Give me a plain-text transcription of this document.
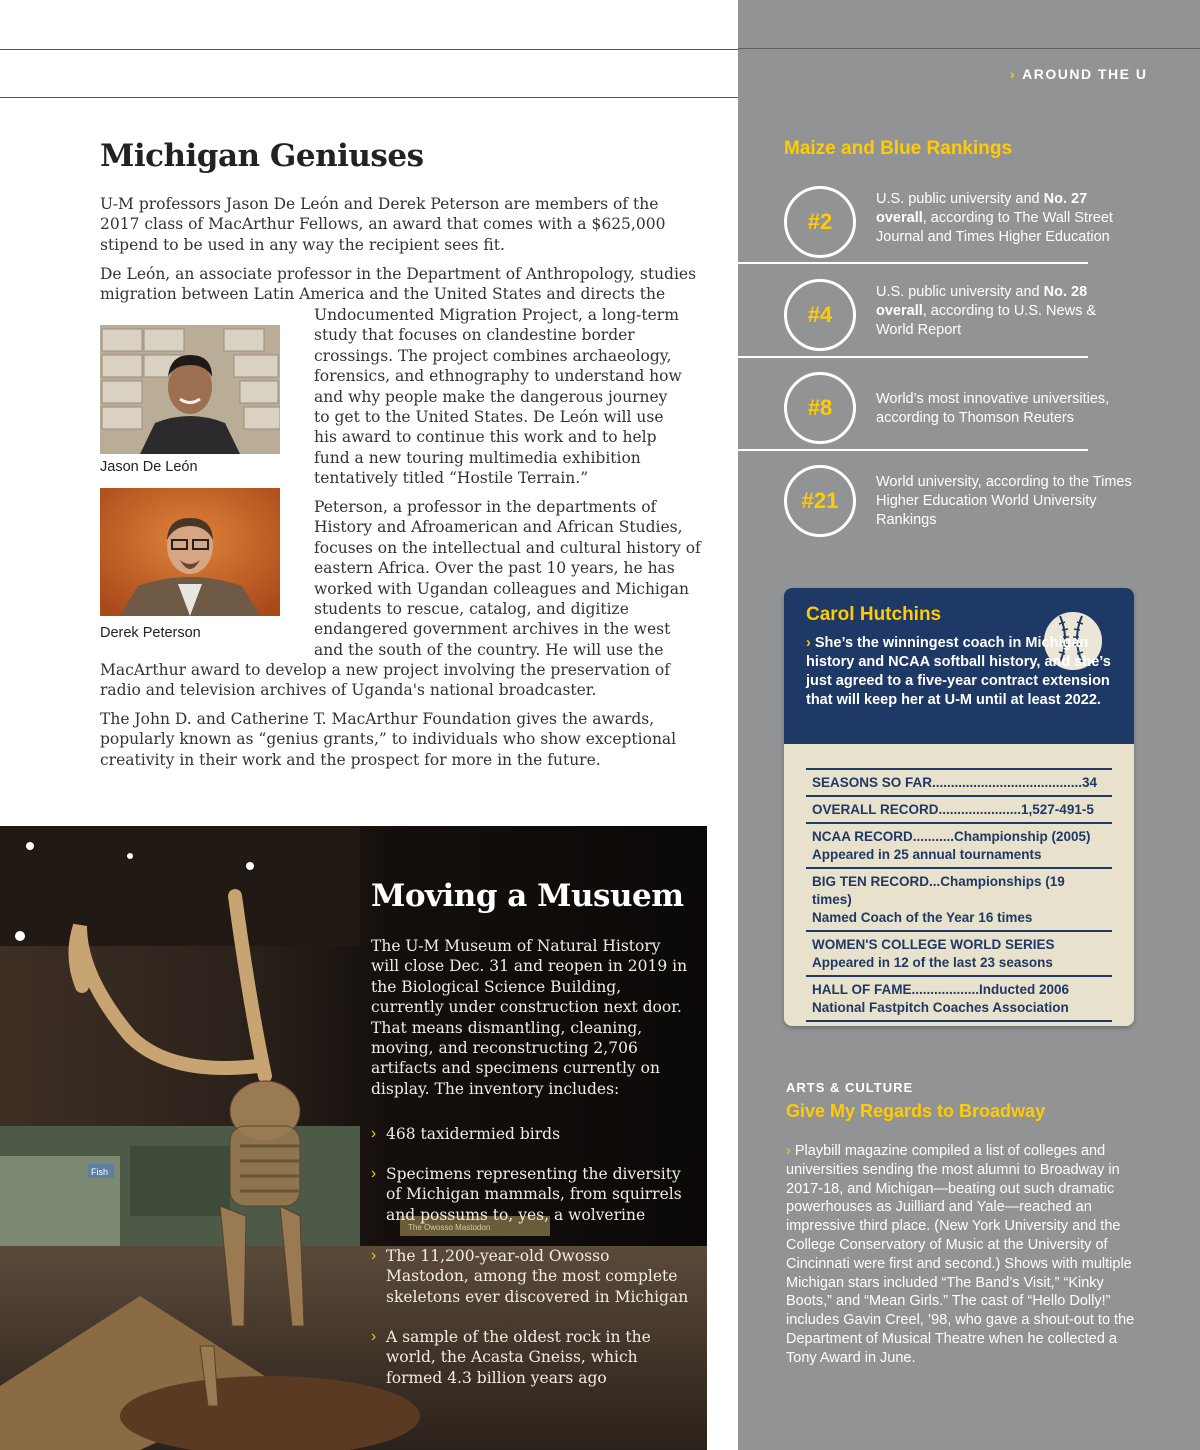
Michigan Geniuses
U-M professors Jason De León and Derek Peterson are members of the 2017 class of MacArthur Fellows, an award that comes with a $625,000 stipend to be used in any way the recipient sees fit.
De León, an associate professor in the Department of Anthropology, studies migration between Latin America and the United States and directs the
Undocumented Migration Project, a long-term study that focuses on clandestine border crossings. The project combines archaeology, forensics, and ethnography to understand how and why people make the dangerous journey to get to the United States. De León will use his award to continue this work and to help fund a new touring multimedia exhibition tentatively titled “Hostile Terrain.”
Peterson, a professor in the departments of History and Afroamerican and African Studies, focuses on the intellectual and cultural history of eastern Africa. Over the past 10 years, he has worked with Ugandan colleagues and Michigan students to rescue, catalog, and digitize endangered government archives in the west and the south of the country. He will use the
MacArthur award to develop a new project involving the preservation of radio and television archives of Uganda's national broadcaster.
The John D. and Catherine T. MacArthur Foundation gives the awards, popularly known as “genius grants,” to individuals who show exceptional creativity in their work and the prospect for more in the future.
Jason De León
Derek Peterson
Fish
The Owosso Mastodon
Moving a Musuem
The U-M Museum of Natural History will close Dec. 31 and reopen in 2019 in the Biological Science Building, currently under construction next door. That means dismantling, cleaning, moving, and reconstructing 2,706 artifacts and specimens currently on display. The inventory includes:
› 468 taxidermied birds
› Specimens representing the diversity of Michigan mammals, from squirrels and possums to, yes, a wolverine
› The 11,200-year-old Owosso Mastodon, among the most complete skeletons ever discovered in Michigan
› A sample of the oldest rock in the world, the Acasta Gneiss, which formed 4.3 billion years ago
› AROUND THE U
Maize and Blue Rankings
#2
U.S. public university and No. 27 overall, according to The Wall Street Journal and Times Higher Education
#4
U.S. public university and No. 28 overall, according to U.S. News & World Report
#8	World’s most innovative universities, according to Thomson Reuters
#21
World university, according to the Times Higher Education World University Rankings
Carol Hutchins
› She’s the winningest coach in Michigan history and NCAA softball history, and she’s just agreed to a five-year contract extension that will keep her at U-M until at least 2022.
SEASONS SO FAR........................................34
OVERALL RECORD......................1,527-491-5
NCAA RECORD...........Championship (2005)
Appeared in 25 annual tournaments
BIG TEN RECORD...Championships (19 times)
Named Coach of the Year 16 times
WOMEN'S COLLEGE WORLD SERIES
Appeared in 12 of the last 23 seasons
HALL OF FAME..................Inducted 2006
National Fastpitch Coaches Association
ARTS & CULTURE
Give My Regards to Broadway
› Playbill magazine compiled a list of colleges and universities sending the most alumni to Broadway in 2017-18, and Michigan—beating out such dramatic powerhouses as Juilliard and Yale—reached an impressive third place. (New York University and the College Conservatory of Music at the University of Cincinnati were first and second.) Shows with multiple Michigan stars included “The Band’s Visit,” “Kinky Boots,” and “Mean Girls.” The cast of “Hello Dolly!” includes Gavin Creel, ’98, who gave a shout-out to the Department of Musical Theatre when he collected a Tony Award in June.
